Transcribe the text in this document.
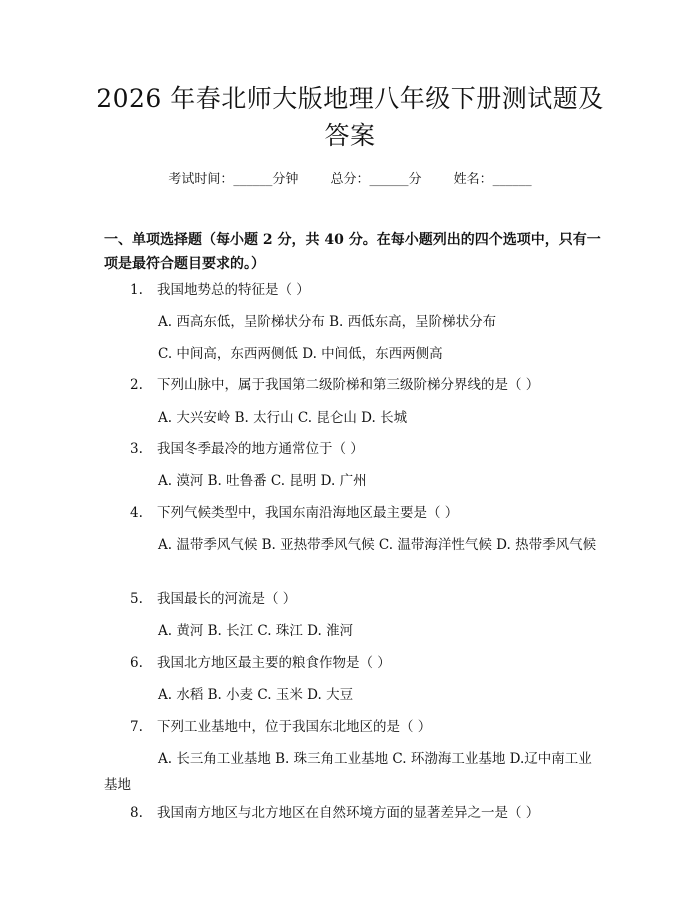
2026 年春北师大版地理八年级下册测试题及答案
考试时间：______分钟 总分：______分 姓名：______
一、单项选择题（每小题 2 分，共 40 分。在每小题列出的四个选项中，只有一项是最符合题目要求的。）
1. 我国地势总的特征是（ ）
A. 西高东低，呈阶梯状分布 B. 西低东高，呈阶梯状分布
C. 中间高，东西两侧低 D. 中间低，东西两侧高
2. 下列山脉中，属于我国第二级阶梯和第三级阶梯分界线的是（ ）
A. 大兴安岭 B. 太行山 C. 昆仑山 D. 长城
3. 我国冬季最冷的地方通常位于（ ）
A. 漠河 B. 吐鲁番 C. 昆明 D. 广州
4. 下列气候类型中，我国东南沿海地区最主要是（ ）
A. 温带季风气候 B. 亚热带季风气候 C. 温带海洋性气候 D. 热带季风气候
5. 我国最长的河流是（ ）
A. 黄河 B. 长江 C. 珠江 D. 淮河
6. 我国北方地区最主要的粮食作物是（ ）
A. 水稻 B. 小麦 C. 玉米 D. 大豆
7. 下列工业基地中，位于我国东北地区的是（ ）
A. 长三角工业基地 B. 珠三角工业基地 C. 环渤海工业基地 D.辽中南工业基地
8. 我国南方地区与北方地区在自然环境方面的显著差异之一是（ ）
